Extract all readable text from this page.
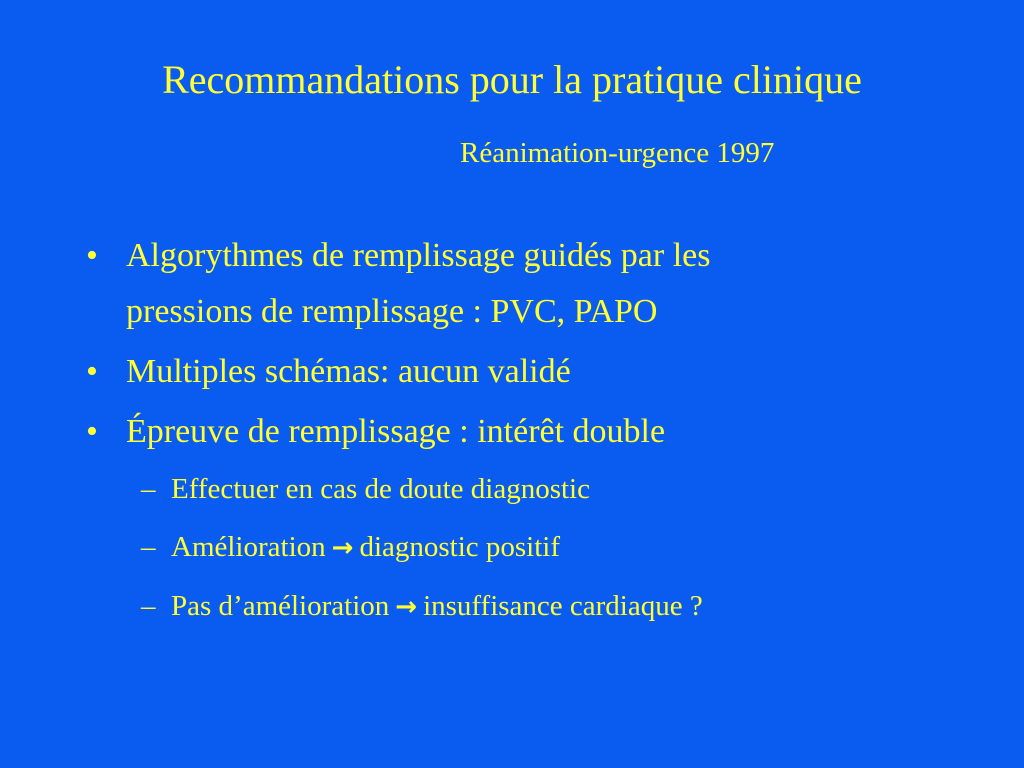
Recommandations pour la pratique clinique
Réanimation-urgence 1997
• Algorythmes de remplissage guidés par les
pressions de remplissage : PVC, PAPO
• Multiples schémas: aucun validé
• Épreuve de remplissage : intérêt double
– Effectuer en cas de doute diagnostic
– Amélioration → diagnostic positif
– Pas d’amélioration → insuffisance cardiaque ?
